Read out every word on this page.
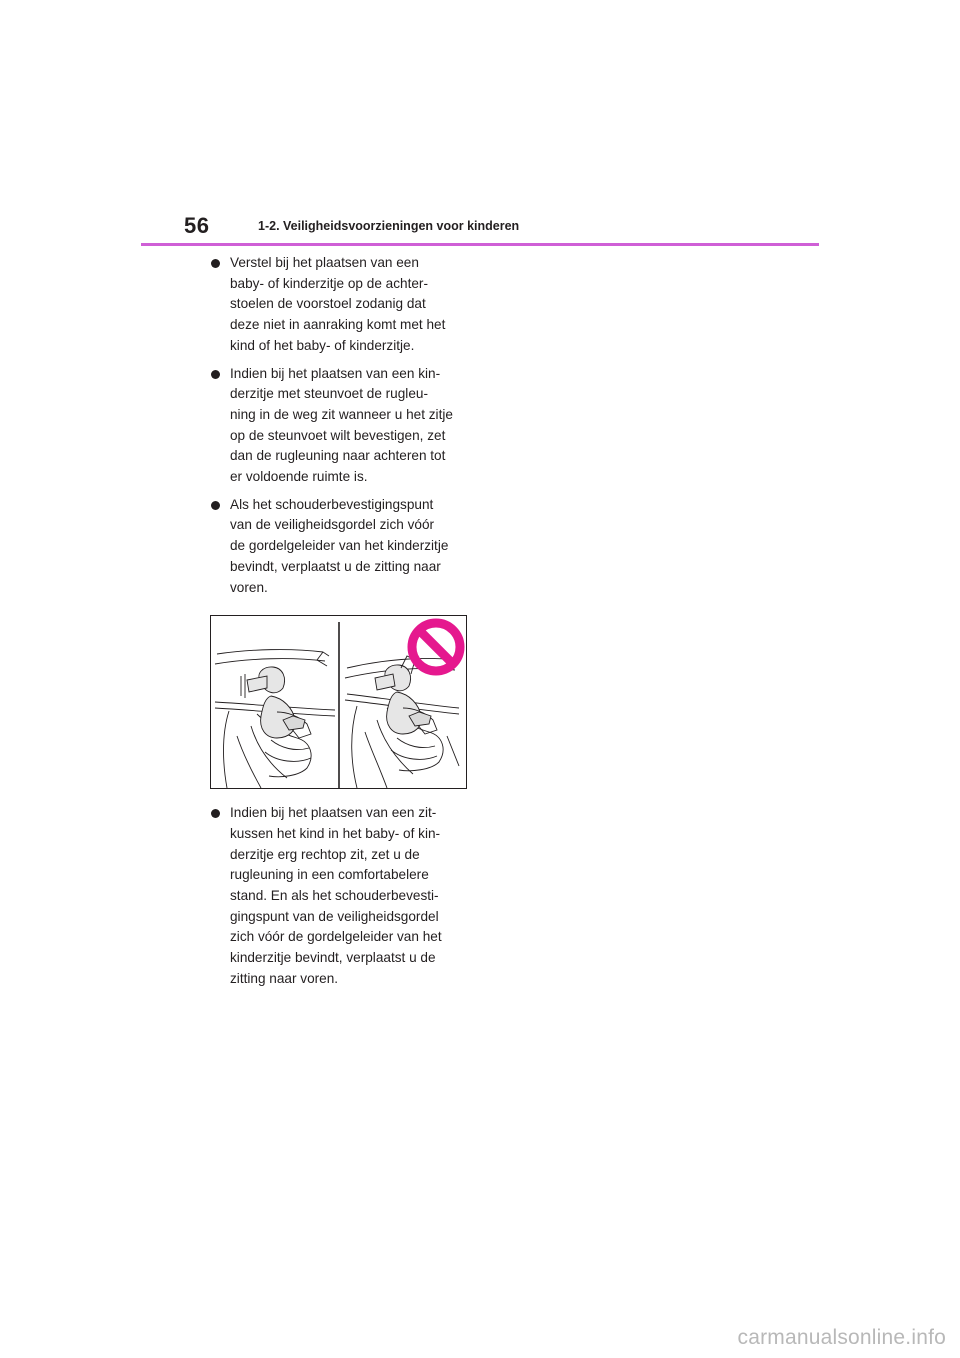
56	1-2. Veiligheidsvoorzieningen voor kinderen
Verstel bij het plaatsen van een
baby- of kinderzitje op de achter-
stoelen de voorstoel zodanig dat
deze niet in aanraking komt met het
kind of het baby- of kinderzitje.
Indien bij het plaatsen van een kin-
derzitje met steunvoet de rugleu-
ning in de weg zit wanneer u het zitje
op de steunvoet wilt bevestigen, zet
dan de rugleuning naar achteren tot
er voldoende ruimte is.
Als het schouderbevestigingspunt
van de veiligheidsgordel zich vóór
de gordelgeleider van het kinderzitje
bevindt, verplaatst u de zitting naar
voren.
Indien bij het plaatsen van een zit-
kussen het kind in het baby- of kin-
derzitje erg rechtop zit, zet u de
rugleuning in een comfortabelere
stand. En als het schouderbevesti-
gingspunt van de veiligheidsgordel
zich vóór de gordelgeleider van het
kinderzitje bevindt, verplaatst u de
zitting naar voren.
carmanualsonline.info
